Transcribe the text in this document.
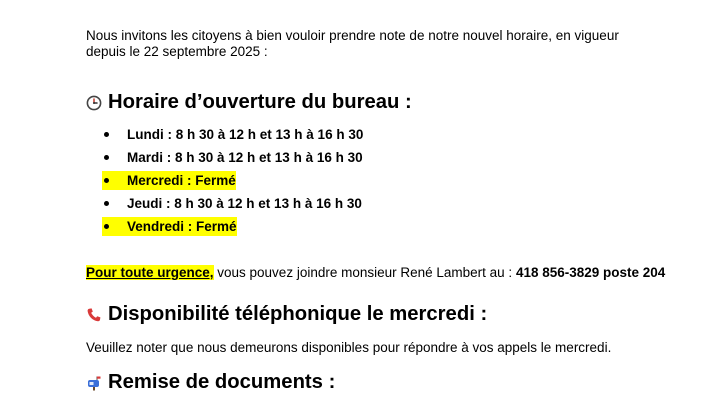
Nous invitons les citoyens à bien vouloir prendre note de notre nouvel horaire, en vigueur
depuis le 22 septembre 2025 :

Horaire d’ouverture du bureau :
Lundi : 8 h 30 à 12 h et 13 h à 16 h 30
Mardi : 8 h 30 à 12 h et 13 h à 16 h 30
Mercredi : Fermé
Jeudi : 8 h 30 à 12 h et 13 h à 16 h 30
Vendredi : Fermé
Pour toute urgence, vous pouvez joindre monsieur René Lambert au : 418 856-3829 poste 204
Disponibilité téléphonique le mercredi :

Veuillez noter que nous demeurons disponibles pour répondre à vos appels le mercredi.

Remise de documents :
